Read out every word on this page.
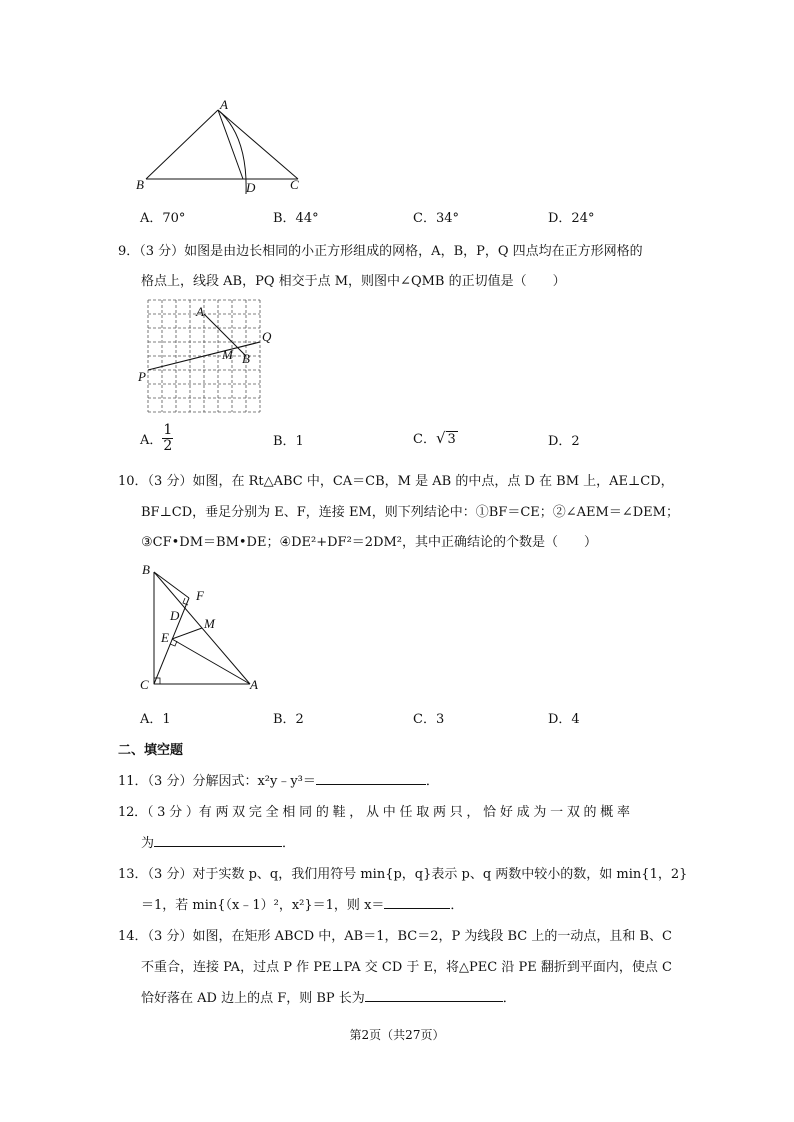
A
B	D	C
A．70°	B．44°	C．34°	D．24°
9．（3 分）如图是由边长相同的小正方形组成的网格，A，B，P，Q 四点均在正方形网格的
格点上，线段 AB，PQ 相交于点 M，则图中∠QMB 的正切值是（　　）
A
Q
M B
P
A． $\frac{1}{2}$	B．1	C．√ 3	D．2
10．（3 分）如图，在 Rt△ABC 中，CA＝CB，M 是 AB 的中点，点 D 在 BM 上，AE⊥CD，
BF⊥CD，垂足分别为 E、F，连接 EM，则下列结论中：①BF＝CE；②∠AEM＝∠DEM；
③CF•DM＝BM•DE；④DE²+DF²＝2DM²，其中正确结论的个数是（　　）
B
F
D
M
E
C	A
A．1	B．2	C．3	D．4
二、填空题
11．（3 分）分解因式：x²y﹣y³＝	．
12．（ 3 分 ）有 两 双 完 全 相 同 的 鞋 ， 从 中 任 取 两 只 ， 恰 好 成 为 一 双 的 概 率
为	．
13．（3 分）对于实数 p、q，我们用符号 min{p，q}表示 p、q 两数中较小的数，如 min{1，2}
＝1，若 min{（x﹣1）²，x²}＝1，则 x＝	．
14．（3 分）如图，在矩形 ABCD 中，AB＝1，BC＝2，P 为线段 BC 上的一动点，且和 B、C
不重合，连接 PA，过点 P 作 PE⊥PA 交 CD 于 E，将△PEC 沿 PE 翻折到平面内，使点 C
恰好落在 AD 边上的点 F，则 BP 长为	．
第2页（共27页）
